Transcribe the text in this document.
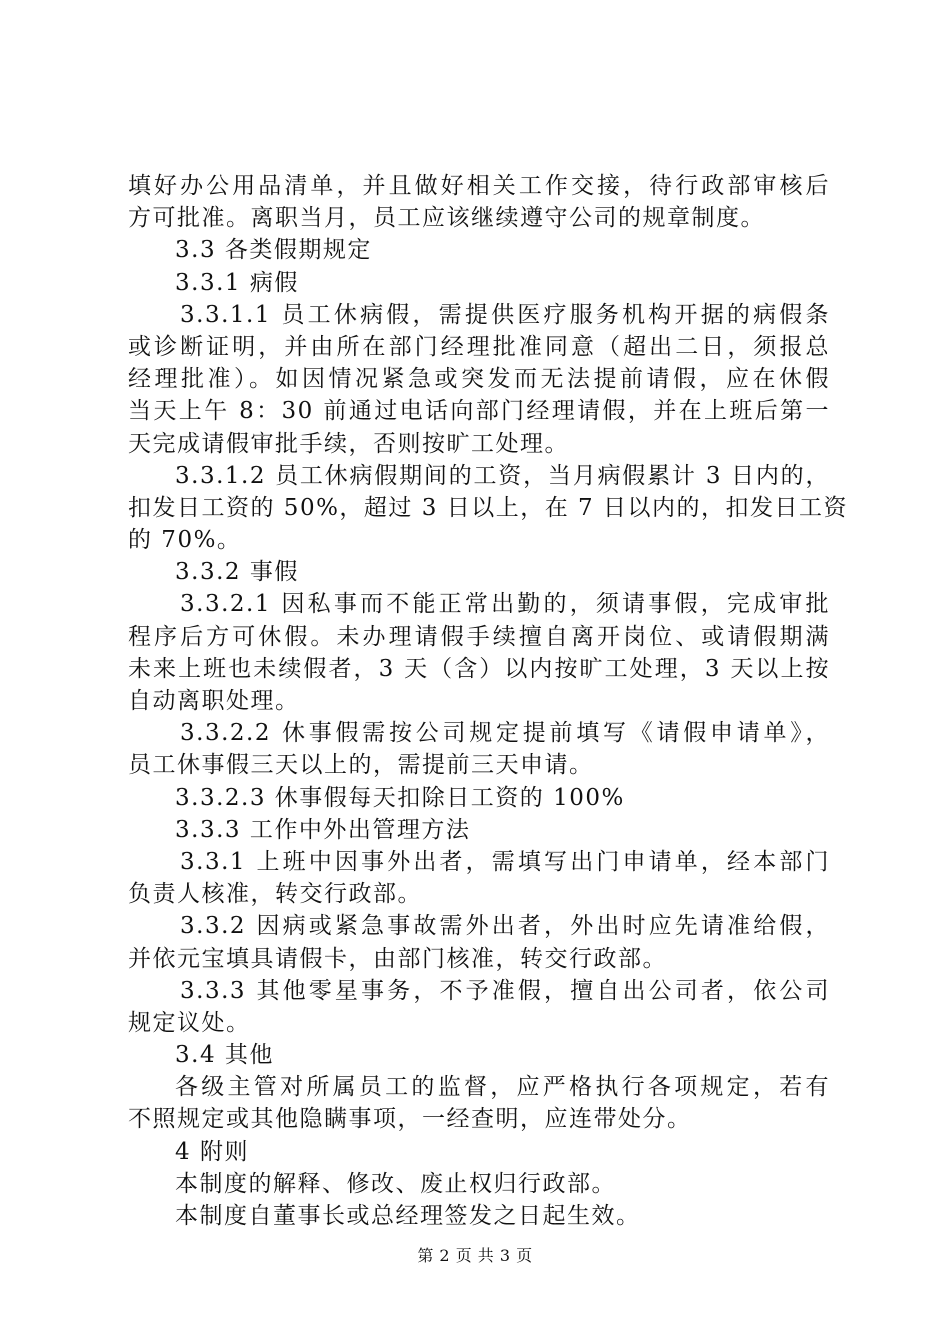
填好办公用品清单，并且做好相关工作交接，待行政部审核后
方可批准。离职当月，员工应该继续遵守公司的规章制度。
3.3 各类假期规定
3.3.1 病假
3.3.1.1 员工休病假，需提供医疗服务机构开据的病假条
或诊断证明，并由所在部门经理批准同意（超出二日，须报总
经理批准）。如因情况紧急或突发而无法提前请假，应在休假
当天上午 8：30 前通过电话向部门经理请假，并在上班后第一
天完成请假审批手续，否则按旷工处理。
3.3.1.2 员工休病假期间的工资，当月病假累计 3 日内的，
扣发日工资的 50%，超过 3 日以上，在 7 日以内的，扣发日工资
的 70%。
3.3.2 事假
3.3.2.1 因私事而不能正常出勤的，须请事假，完成审批
程序后方可休假。未办理请假手续擅自离开岗位、或请假期满
未来上班也未续假者，3 天（含）以内按旷工处理，3 天以上按
自动离职处理。
3.3.2.2 休事假需按公司规定提前填写《请假申请单》，
员工休事假三天以上的，需提前三天申请。
3.3.2.3 休事假每天扣除日工资的 100%
3.3.3 工作中外出管理方法
3.3.1 上班中因事外出者，需填写出门申请单，经本部门
负责人核准，转交行政部。
3.3.2 因病或紧急事故需外出者，外出时应先请准给假，
并依元宝填具请假卡，由部门核准，转交行政部。
3.3.3 其他零星事务，不予准假，擅自出公司者，依公司
规定议处。
3.4 其他
各级主管对所属员工的监督，应严格执行各项规定，若有
不照规定或其他隐瞒事项，一经查明，应连带处分。
4 附则
本制度的解释、修改、废止权归行政部。
本制度自董事长或总经理签发之日起生效。
第 2 页 共 3 页
